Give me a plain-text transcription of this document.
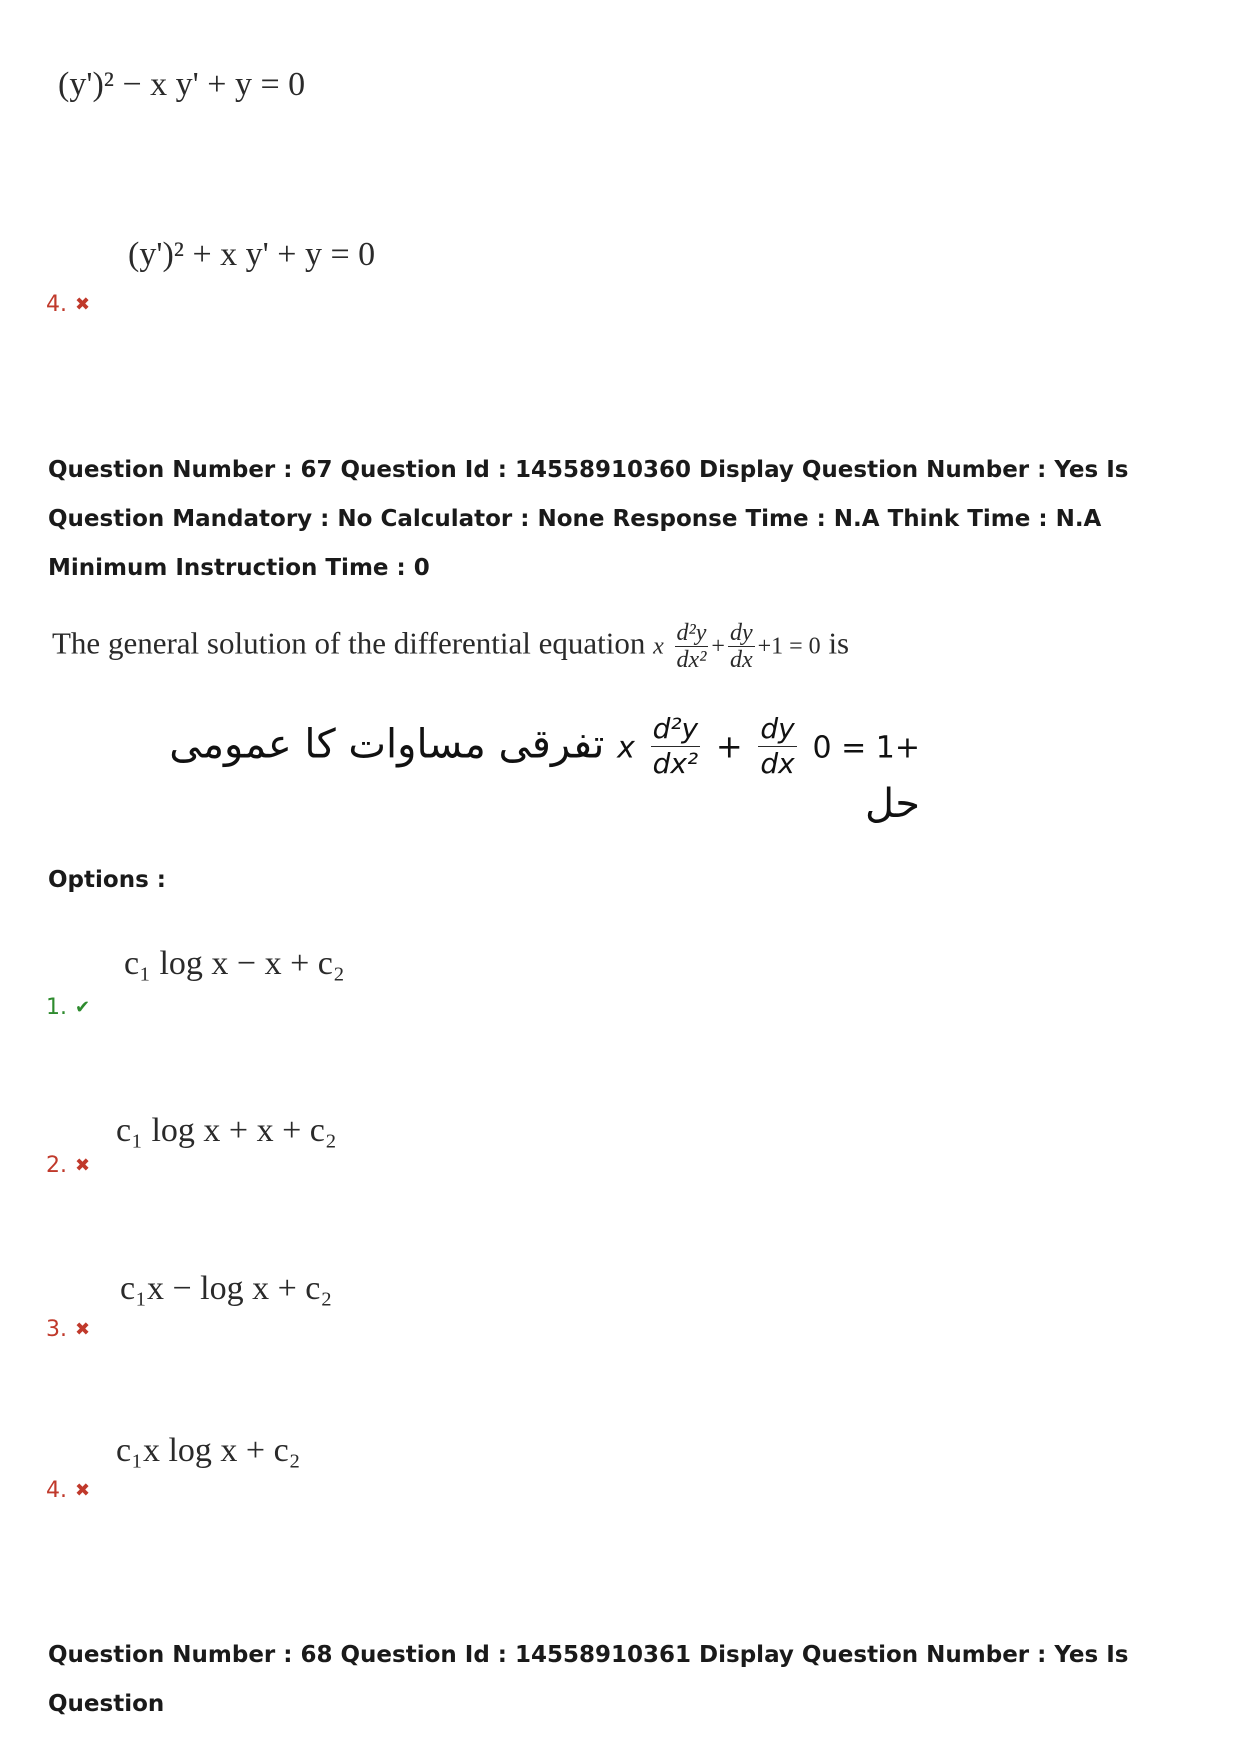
(y')² − x y' + y = 0
(y')² + x y' + y = 0
4. ✖
Question Number : 67 Question Id : 14558910360 Display Question Number : Yes Is Question Mandatory : No Calculator : None Response Time : N.A Think Time : N.A Minimum Instruction Time : 0
The general solution of the differential equation x $\frac{\text{d²y}}{\text{dx²}} + \frac{dy}{dx} +1 = 0$ is
+1 = 0
$\frac{dy}{dx}$
+
$\frac{\text{d²y}}{\text{dx²}}$
x تفرقی مساوات کا عمومی حل
Options :
c₁ log x − x + c₂
1. ✔
c₁ log x + x + c₂
2. ✖
c₁x − log x + c₂
3. ✖
c₁x log x + c₂
4. ✖
Question Number : 68 Question Id : 14558910361 Display Question Number : Yes Is Question
